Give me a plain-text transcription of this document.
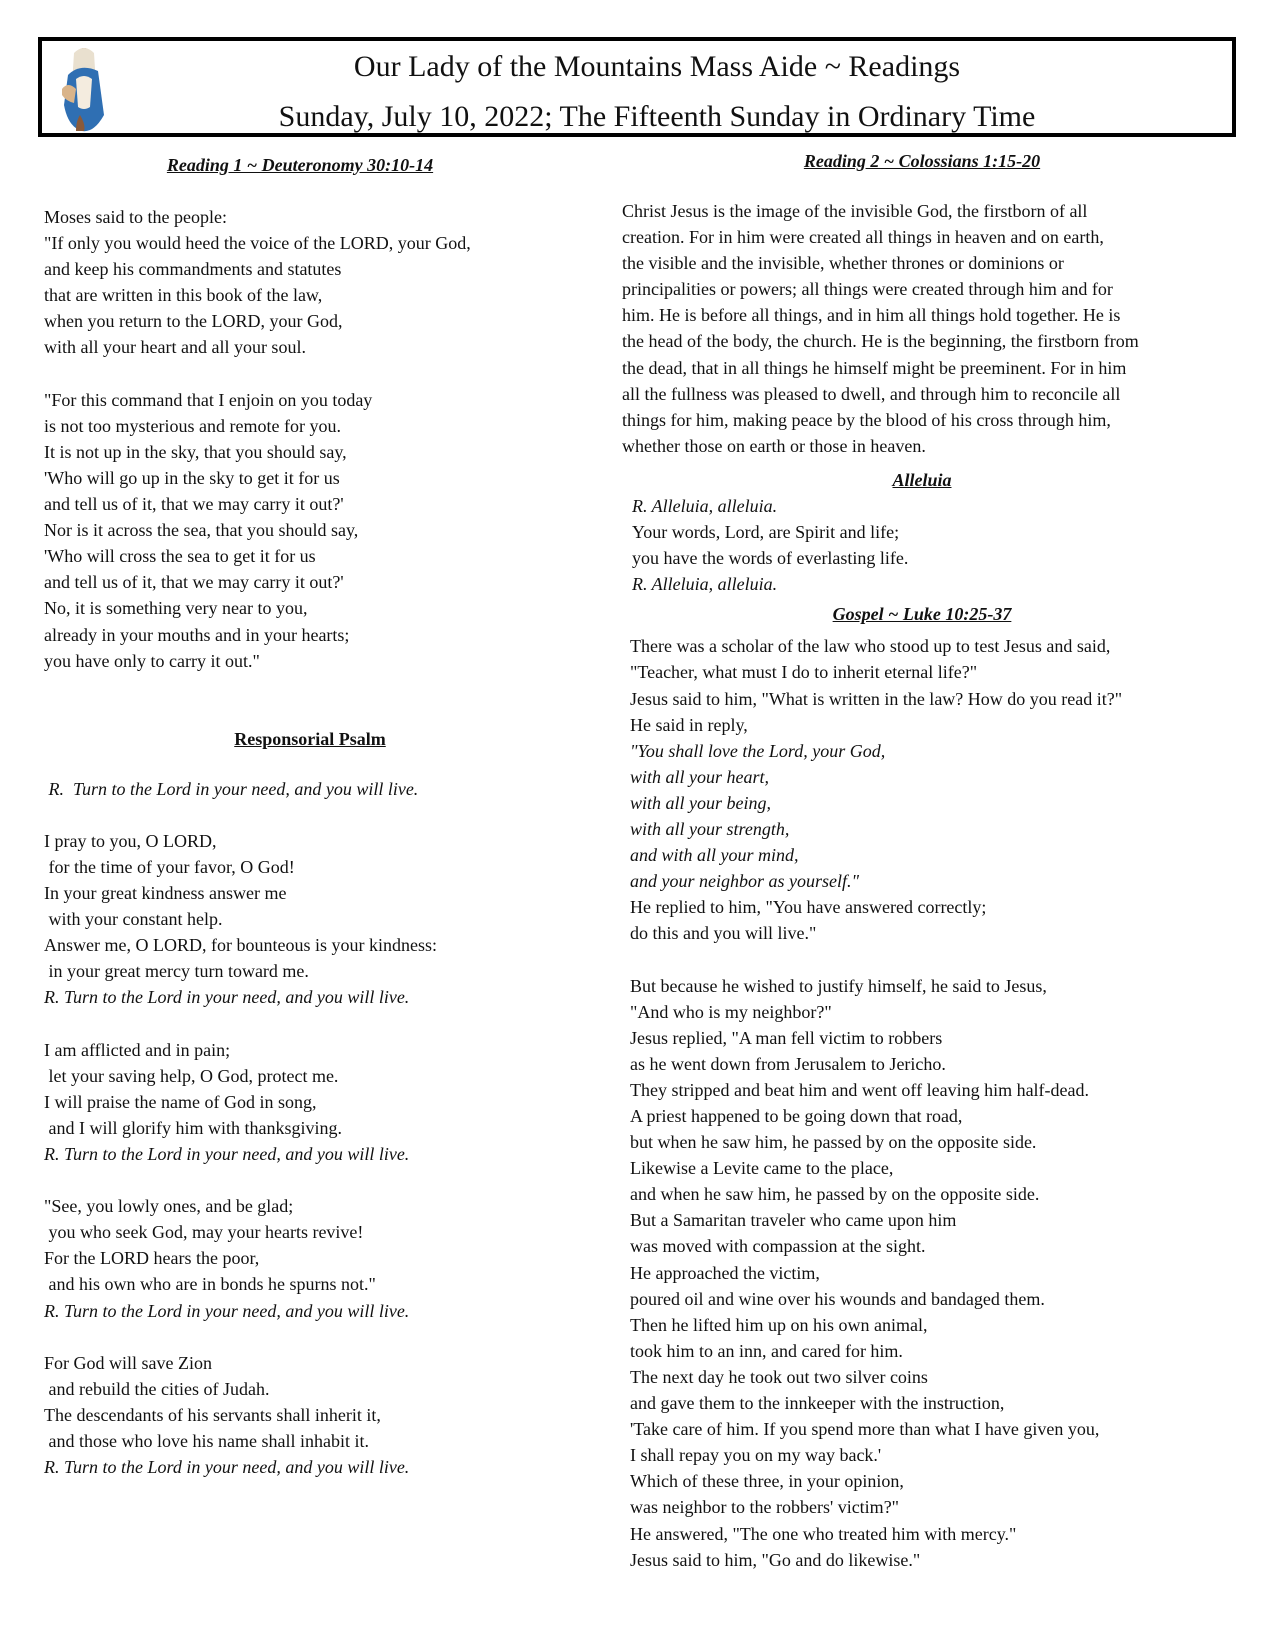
Our Lady of the Mountains Mass Aide ~ Readings
Sunday, July 10, 2022; The Fifteenth Sunday in Ordinary Time
Reading 1 ~ Deuteronomy 30:10-14
Moses said to the people:
"If only you would heed the voice of the LORD, your God,
and keep his commandments and statutes
that are written in this book of the law,
when you return to the LORD, your God,
with all your heart and all your soul.
"For this command that I enjoin on you today
is not too mysterious and remote for you.
It is not up in the sky, that you should say,
'Who will go up in the sky to get it for us
and tell us of it, that we may carry it out?'
Nor is it across the sea, that you should say,
'Who will cross the sea to get it for us
and tell us of it, that we may carry it out?'
No, it is something very near to you,
already in your mouths and in your hearts;
you have only to carry it out."
Responsorial Psalm
R.  Turn to the Lord in your need, and you will live.
I pray to you, O LORD,
for the time of your favor, O God!
In your great kindness answer me
with your constant help.
Answer me, O LORD, for bounteous is your kindness:
in your great mercy turn toward me.
R. Turn to the Lord in your need, and you will live.
I am afflicted and in pain;
let your saving help, O God, protect me.
I will praise the name of God in song,
and I will glorify him with thanksgiving.
R. Turn to the Lord in your need, and you will live.
"See, you lowly ones, and be glad;
you who seek God, may your hearts revive!
For the LORD hears the poor,
and his own who are in bonds he spurns not."
R. Turn to the Lord in your need, and you will live.
For God will save Zion
and rebuild the cities of Judah.
The descendants of his servants shall inherit it,
and those who love his name shall inhabit it.
R. Turn to the Lord in your need, and you will live.
Reading 2 ~ Colossians 1:15-20
Christ Jesus is the image of the invisible God, the firstborn of all
creation. For in him were created all things in heaven and on earth,
the visible and the invisible, whether thrones or dominions or
principalities or powers; all things were created through him and for
him. He is before all things, and in him all things hold together. He is
the head of the body, the church. He is the beginning, the firstborn from
the dead, that in all things he himself might be preeminent. For in him
all the fullness was pleased to dwell, and through him to reconcile all
things for him, making peace by the blood of his cross through him,
whether those on earth or those in heaven.
Alleluia
R. Alleluia, alleluia.
Your words, Lord, are Spirit and life;
you have the words of everlasting life.
R. Alleluia, alleluia.
Gospel ~ Luke 10:25-37
There was a scholar of the law who stood up to test Jesus and said,
"Teacher, what must I do to inherit eternal life?"
Jesus said to him, "What is written in the law? How do you read it?"
He said in reply,
"You shall love the Lord, your God,
with all your heart,
with all your being,
with all your strength,
and with all your mind,
and your neighbor as yourself."
He replied to him, "You have answered correctly;
do this and you will live."
But because he wished to justify himself, he said to Jesus,
"And who is my neighbor?"
Jesus replied, "A man fell victim to robbers
as he went down from Jerusalem to Jericho.
They stripped and beat him and went off leaving him half-dead.
A priest happened to be going down that road,
but when he saw him, he passed by on the opposite side.
Likewise a Levite came to the place,
and when he saw him, he passed by on the opposite side.
But a Samaritan traveler who came upon him
was moved with compassion at the sight.
He approached the victim,
poured oil and wine over his wounds and bandaged them.
Then he lifted him up on his own animal,
took him to an inn, and cared for him.
The next day he took out two silver coins
and gave them to the innkeeper with the instruction,
'Take care of him. If you spend more than what I have given you,
I shall repay you on my way back.'
Which of these three, in your opinion,
was neighbor to the robbers' victim?"
He answered, "The one who treated him with mercy."
Jesus said to him, "Go and do likewise."
